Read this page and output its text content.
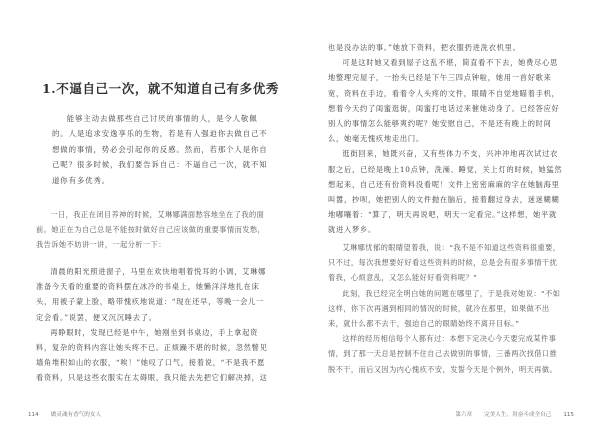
1.不逼自己一次，就不知道自己有多优秀
能够主动去做那些自己讨厌的事情的人，是令人敬佩的。人是追求安逸享乐的生物，若是有人强迫你去做自己不想做的事情，势必会引起你的反感。然而，若那个人是你自己呢？很多时候，我们要告诉自己：不逼自己一次，就不知道你有多优秀。

一日，我正在闭目养神的时候，艾琳娜满面愁容地坐在了我的面前。她正在为自己总是不能按时做好自己应该做的重要事情而发愁，我告诉她不妨讲一讲，一起分析一下：

清晨的阳光照进窗子，马里在欢快地唱着悦耳的小调，艾琳娜准备今天看的重要的资料摆在冰冷的书桌上，她懒洋洋地扎在床头，用被子蒙上脸，略带愧疚地说道：“现在还早，等晚一会儿一定会看。”说罢，便又沉沉睡去了。

再睁眼时，发现已经是中午，她刚坐到书桌边，手上拿起资料，复杂的资料内容让她头疼不已。正烦躁不堪的时候，忽然瞥见墙角堆积如山的衣服，“唉！”她叹了口气，接着说，“不是我不愿看资料，只是这些衣服实在太碍眼，我只能去先把它们解决掉，这

114 做灵魂有香气的女人

也是没办法的事。”她放下资料，把衣服扔进洗衣机里。

可是这时她又看到屋子这乱不堪，简直看不下去，她费尽心思地整理完屋子，一抬头已经是下午三四点钟啦，她用一首好歌来宽，资料在手边，看着令人头疼的文件，眼睛不自觉地瞄着手机，想着今天约了闺蜜逛街，闺蜜打电话过来催她动身了。已经答应好别人的事情怎么能够爽约呢？她安慰自己，不是还有晚上的时间么，她毫无愧疚地走出门。

逛街回来，她既兴奋，又有些体力不支，兴冲冲地再次试过衣服之后，已经是晚上10点钟，洗澡、睡觉，关上灯的时候，她猛然想起来，自己还有份资料没看呢！文件上密密麻麻的字在她脑海里叫嚣，抄呗，她把别人的文件抛在脑后，接着翻过身去，迷迷糊糊地嘟嚷着：“算了，明天再说吧，明天一定看完。”这样想，她平就就进入梦乡。

艾琳娜忧郁的眼睛望着我，说：“我不是不知道这些资料很重要，只不过，每次我想要好好看这些资料的时候，总是会有很多事情干扰着我，心烦意乱，又怎么能好好看资料呢？”

此刻，我已经完全明白她的问题在哪里了，于是我对她说：“不如这样，你下次再遇到相同的情况的时候，就冷在那里，如果做不出来，就什么都不去干，强迫自己的眼睛始终不离开目标。”

这样的经历相信每个人都有过：本想下定决心今天要完成某件事情，到了那一天总是控制不住自己去做别的事情，三番两次找借口推脱不干，而后又因为内心愧疚不安，发誓今天是个例外，明天再做。

第六章 完美人生，用奋斗成全自己 115
